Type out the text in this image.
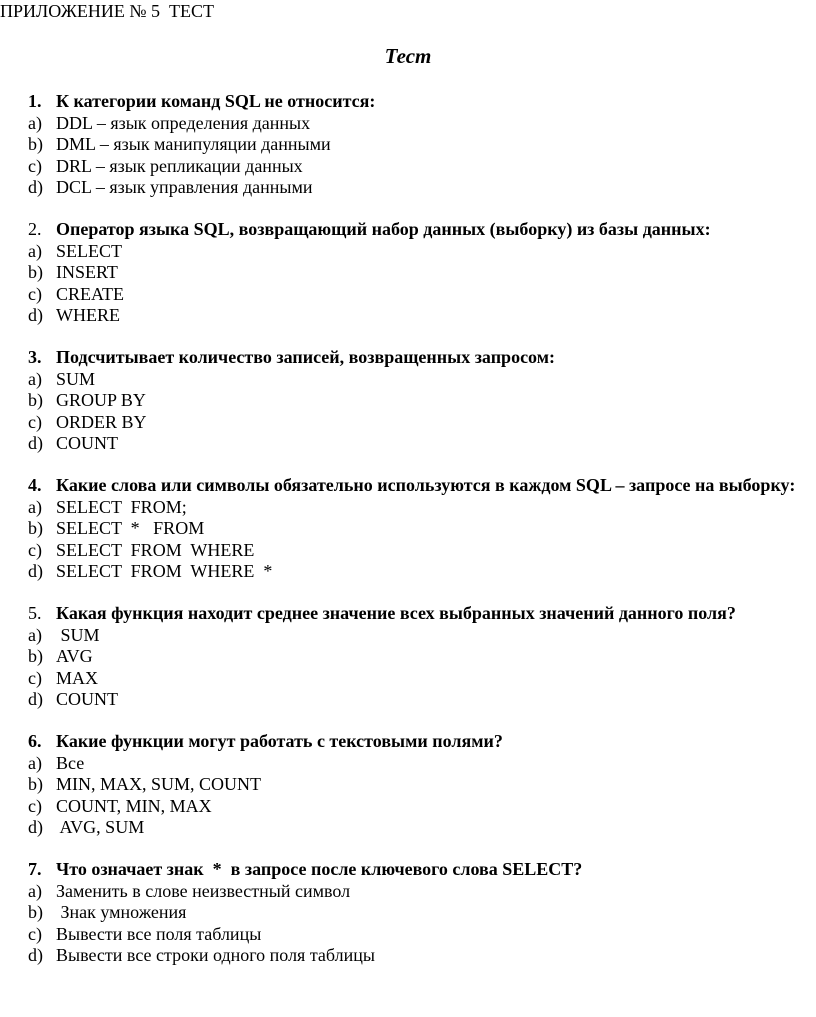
ПРИЛОЖЕНИЕ № 5  ТЕСТ
Тест
1. К категории команд SQL не относится:
a) DDL – язык определения данных
b) DML – язык манипуляции данными
c) DRL – язык репликации данных
d) DCL – язык управления данными
2. Оператор языка SQL, возвращающий набор данных (выборку) из базы данных:
a) SELECT
b) INSERT
c) CREATE
d) WHERE
3. Подсчитывает количество записей, возвращенных запросом:
a) SUM
b) GROUP BY
c) ORDER BY
d) COUNT
4. Какие слова или символы обязательно используются в каждом SQL – запросе на выборку:
a) SELECT  FROM;
b) SELECT  *   FROM
c) SELECT  FROM  WHERE
d) SELECT  FROM  WHERE  *
5. Какая функция находит среднее значение всех выбранных значений данного поля?
a) SUM
b) AVG
c) MAX
d) COUNT
6. Какие функции могут работать с текстовыми полями?
a) Все
b) MIN, MAX, SUM, COUNT
c) COUNT, MIN, MAX
d) AVG, SUM
7. Что означает знак  *  в запросе после ключевого слова SELECT?
a) Заменить в слове неизвестный символ
b) Знак умножения
c) Вывести все поля таблицы
d) Вывести все строки одного поля таблицы
